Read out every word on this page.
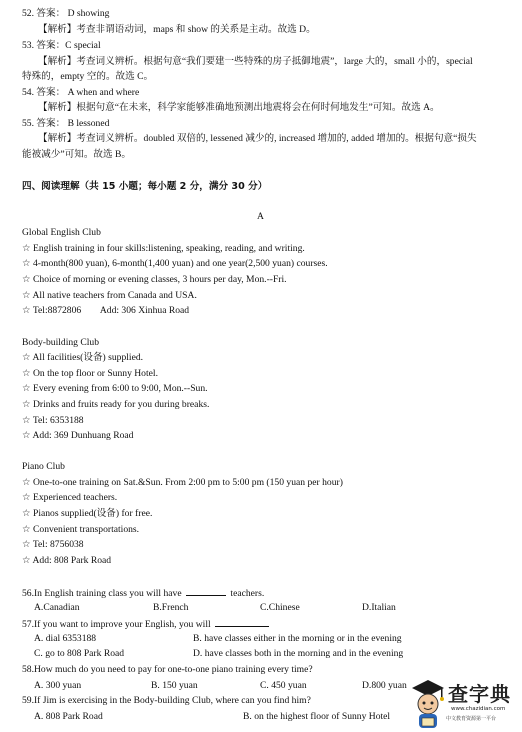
52. 答案： D showing
【解析】考查非谓语动词，maps 和 show 的关系是主动。故选 D。
53. 答案：C special
【解析】考查词义辨析。根据句意“我们要建一些特殊的房子抵御地震”，large 大的，small 小的，special
特殊的，empty 空的。故选 C。
54. 答案： A when and where
【解析】根据句意“在未来，科学家能够准确地预测出地震将会在何时何地发生”可知。故选 A。
55. 答案： B lessoned
【解析】考查词义辨析。doubled 双倍的, lessened 减少的, increased 增加的, added 增加的。根据句意“损失
能被减少”可知。故选 B。
四、阅读理解（共 15 小题；每小题 2 分，满分 30 分）
A
Global English Club
☆ English training in four skills:listening, speaking, reading, and writing.
☆ 4-month(800 yuan), 6-month(1,400 yuan) and one year(2,500 yuan) courses.
☆ Choice of morning or evening classes, 3 hours per day, Mon.--Fri.
☆ All native teachers from Canada and USA.
☆ Tel:8872806        Add: 306 Xinhua Road
Body-building Club
☆ All facilities(设备) supplied.
☆ On the top floor or Sunny Hotel.
☆ Every evening from 6:00 to 9:00, Mon.--Sun.
☆ Drinks and fruits ready for you during breaks.
☆ Tel: 6353188
☆ Add: 369 Dunhuang Road
Piano Club
☆ One-to-one training on Sat.&Sun. From 2:00 pm to 5:00 pm (150 yuan per hour)
☆ Experienced teachers.
☆ Pianos supplied(设备) for free.
☆ Convenient transportations.
☆ Tel: 8756038
☆ Add: 808 Park Road
56.In English training class you will have	teachers.
A.Canadian	B.French	C.Chinese	D.Italian
57.If you want to improve your English, you will
A. dial 6353188	B. have classes either in the morning or in the evening
C. go to 808 Park Road	D. have classes both in the morning and in the evening
58.How much do you need to pay for one-to-one piano training every time?
A. 300 yuan	B. 150 yuan	C. 450 yuan	D.800 yuan
59.If Jim is exercising in the Body-building Club, where can you find him?
A. 808 Park Road	B. on the highest floor of Sunny Hotel
查字典
www.chazidian.com
中文教育资源第一平台
